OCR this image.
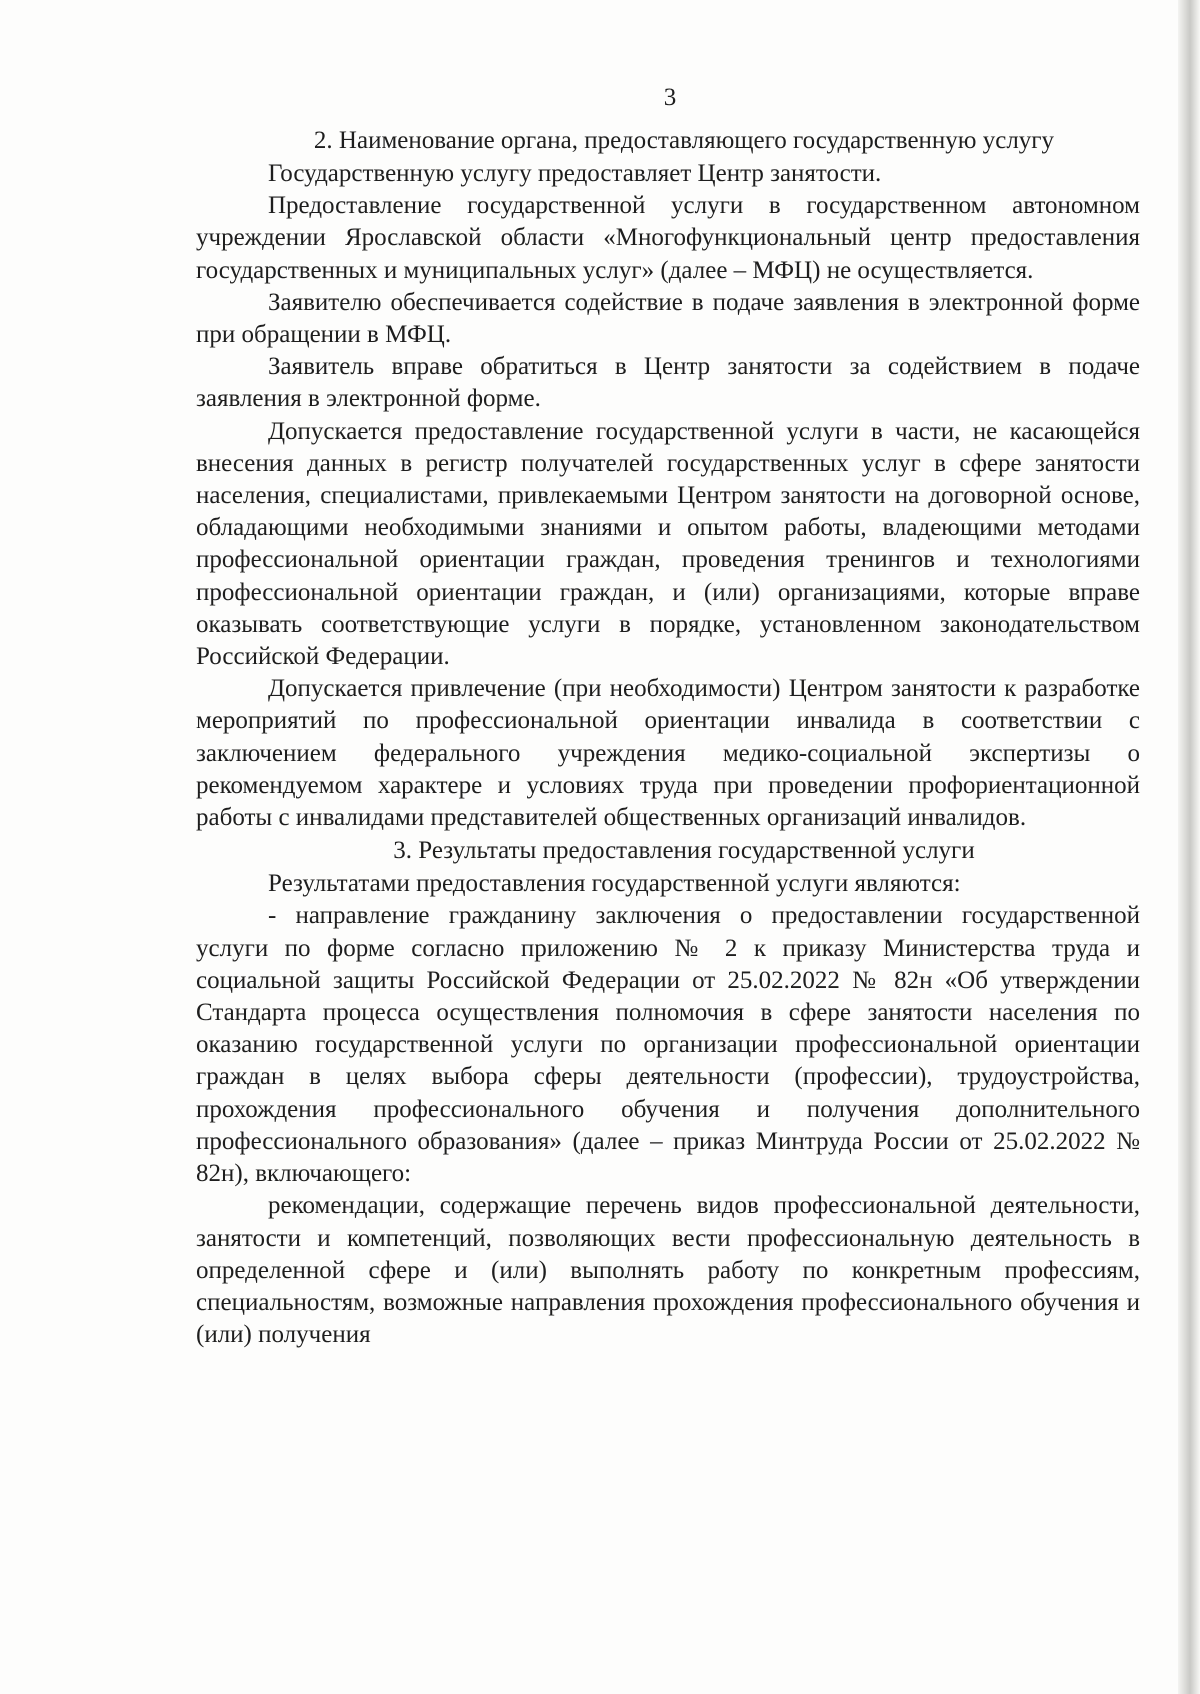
3
2. Наименование органа, предоставляющего государственную услугу

Государственную услугу предоставляет Центр занятости.

Предоставление государственной услуги в государственном автономном учреждении Ярославской области «Многофункциональный центр предоставления государственных и муниципальных услуг» (далее – МФЦ) не осуществляется.

Заявителю обеспечивается содействие в подаче заявления в электронной форме при обращении в МФЦ.

Заявитель вправе обратиться в Центр занятости за содействием в подаче заявления в электронной форме.

Допускается предоставление государственной услуги в части, не касающейся внесения данных в регистр получателей государственных услуг в сфере занятости населения, специалистами, привлекаемыми Центром занятости на договорной основе, обладающими необходимыми знаниями и опытом работы, владеющими методами профессиональной ориентации граждан, проведения тренингов и технологиями профессиональной ориентации граждан, и (или) организациями, которые вправе оказывать соответствующие услуги в порядке, установленном законодательством Российской Федерации.

Допускается привлечение (при необходимости) Центром занятости к разработке мероприятий по профессиональной ориентации инвалида в соответствии с заключением федерального учреждения медико-социальной экспертизы о рекомендуемом характере и условиях труда при проведении профориентационной работы с инвалидами представителей общественных организаций инвалидов.

3. Результаты предоставления государственной услуги

Результатами предоставления государственной услуги являются:

- направление гражданину заключения о предоставлении государственной услуги по форме согласно приложению № 2 к приказу Министерства труда и социальной защиты Российской Федерации от 25.02.2022 № 82н «Об утверждении Стандарта процесса осуществления полномочия в сфере занятости населения по оказанию государственной услуги по организации профессиональной ориентации граждан в целях выбора сферы деятельности (профессии), трудоустройства, прохождения профессионального обучения и получения дополнительного профессионального образования» (далее – приказ Минтруда России от 25.02.2022 № 82н), включающего:

рекомендации, содержащие перечень видов профессиональной деятельности, занятости и компетенций, позволяющих вести профессиональную деятельность в определенной сфере и (или) выполнять работу по конкретным профессиям, специальностям, возможные направления прохождения профессионального обучения и (или) получения
